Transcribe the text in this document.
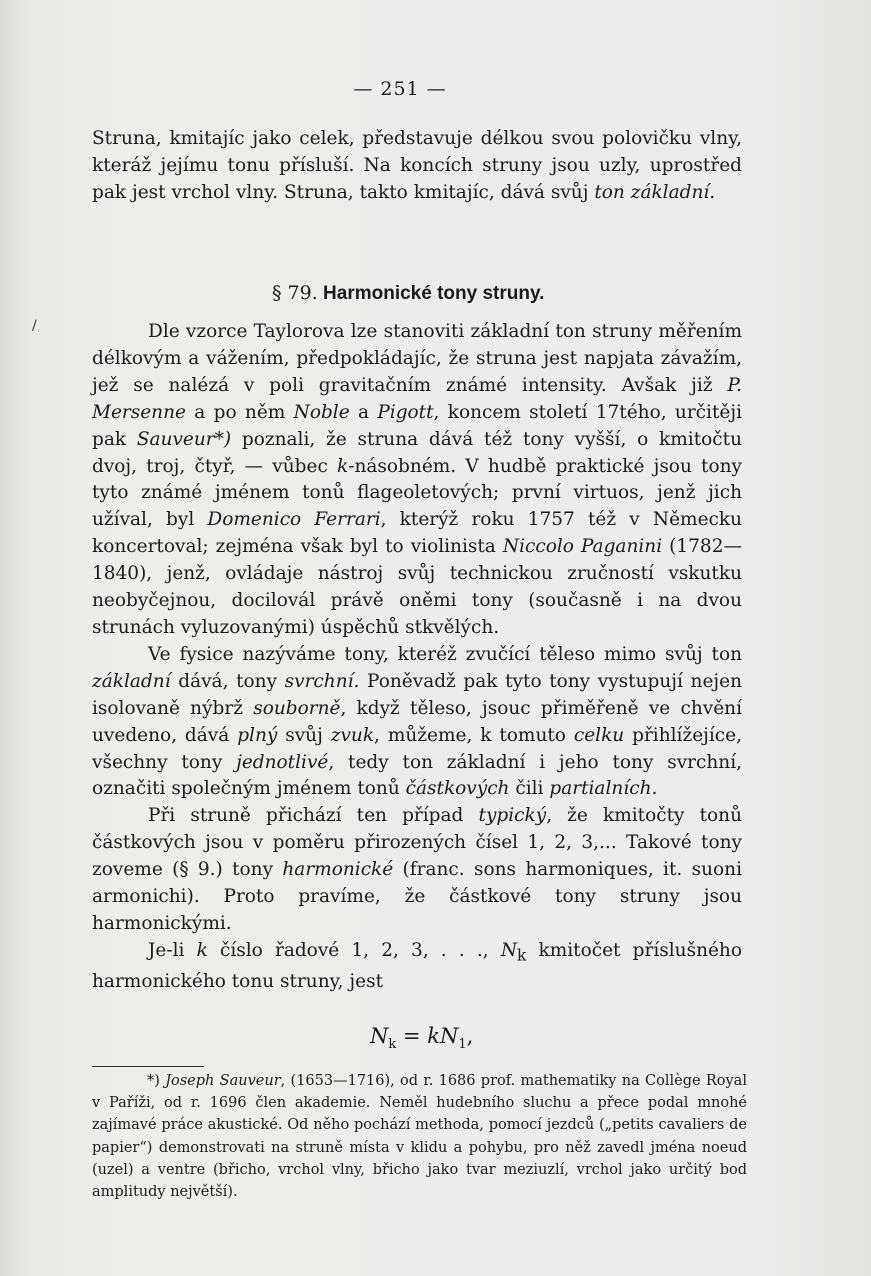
— 251 —
/
Struna, kmitajíc jako celek, představuje délkou svou polovičku vlny, kteráž jejímu tonu přísluší. Na koncích struny jsou uzly, uprostřed pak jest vrchol vlny. Struna, takto kmitajíc, dává svůj ton základní.
§ 79. Harmonické tony struny.

Dle vzorce Taylorova lze stanoviti základní ton struny měřením délkovým a vážením, předpokládajíc, že struna jest napjata závažím, jež se nalézá v poli gravitačním známé intensity. Avšak již P. Mersenne a po něm Noble a Pigott, koncem století 17tého, určitěji pak Sauveur*) poznali, že struna dává též tony vyšší, o kmitočtu dvoj, troj, čtyř, — vůbec k-násobném. V hudbě praktické jsou tony tyto známé jménem tonů flageoletových; první virtuos, jenž jich užíval, byl Domenico Ferrari, kterýž roku 1757 též v Německu koncertoval; zejména však byl to violinista Niccolo Paganini (1782—1840), jenž, ovládaje nástroj svůj technickou zručností vskutku neobyčejnou, docilovál právě oněmi tony (současně i na dvou strunách vyluzovanými) úspěchů stkvělých.

Ve fysice nazýváme tony, kteréž zvučící těleso mimo svůj ton základní dává, tony svrchní. Poněvadž pak tyto tony vystupují nejen isolovaně nýbrž souborně, když těleso, jsouc přiměřeně ve chvění uvedeno, dává plný svůj zvuk, můžeme, k tomuto celku přihlížejíce, všechny tony jednotlivé, tedy ton základní i jeho tony svrchní, označiti společným jménem tonů částkových čili partialních.

Při struně přichází ten případ typický, že kmitočty tonů částkových jsou v poměru přirozených čísel 1, 2, 3,... Takové tony zoveme (§ 9.) tony harmonické (franc. sons harmoniques, it. suoni armonichi). Proto pravíme, že částkové tony struny jsou harmonickými.

Je-li k číslo řadové 1, 2, 3, . . ., $N_k$ kmitočet příslušného harmonického tonu struny, jest

$N_k = kN_1$,

*) Joseph Sauveur, (1653—1716), od r. 1686 prof. mathematiky na Collège Royal v Paříži, od r. 1696 člen akademie. Neměl hudebního sluchu a přece podal mnohé zajímavé práce akustické. Od něho pochází methoda, pomocí jezdců („petits cavaliers de papier“) demonstrovati na struně místa v klidu a pohybu, pro něž zavedl jména noeud (uzel) a ventre (břicho, vrchol vlny, břicho jako tvar meziuzlí, vrchol jako určitý bod amplitudy největší).
